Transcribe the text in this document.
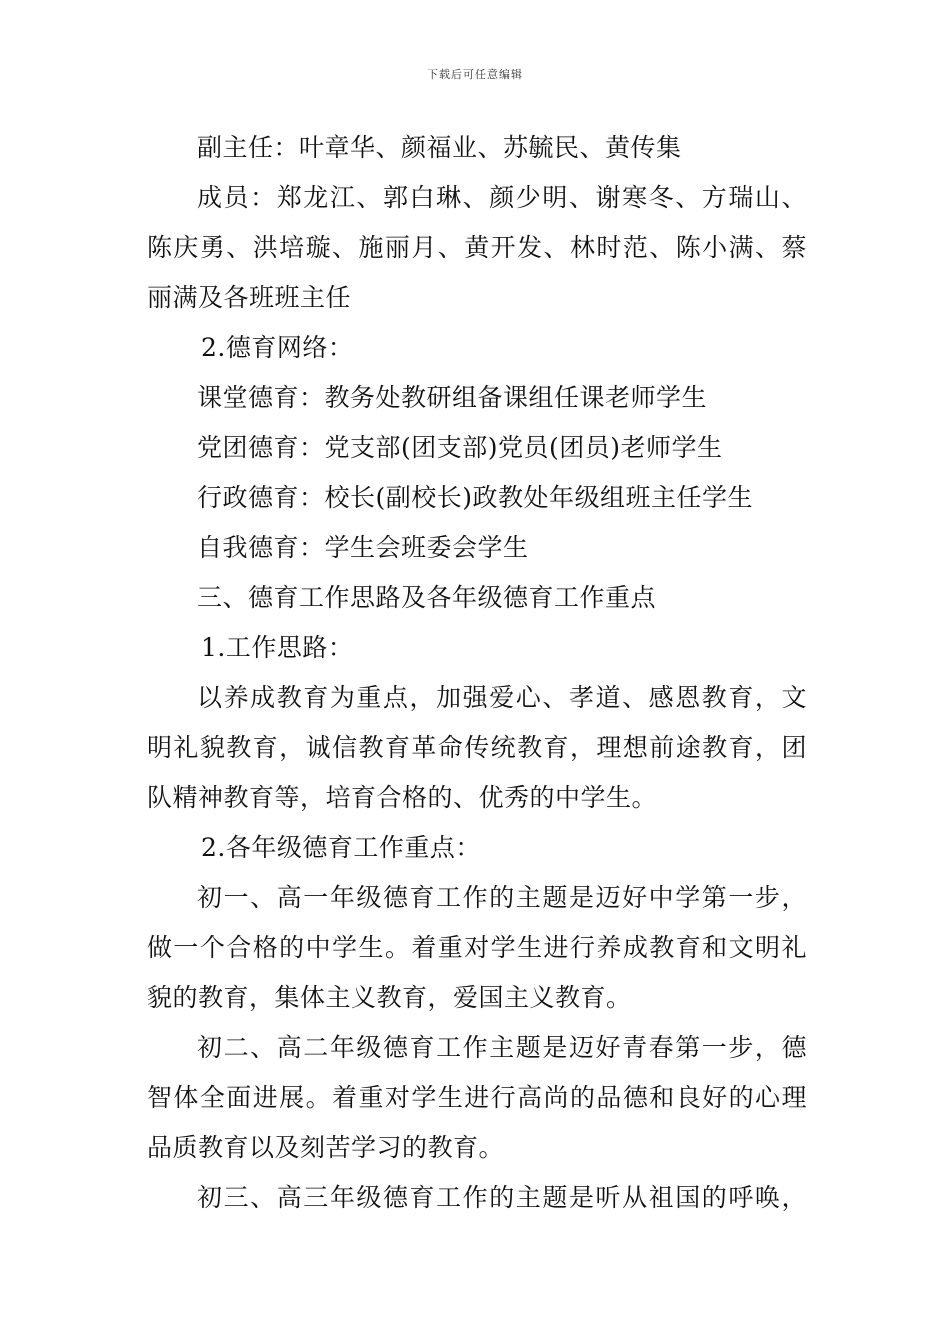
下载后可任意编辑
副主任：叶章华、颜福业、苏毓民、黄传集
成员：郑龙江、郭白琳、颜少明、谢寒冬、方瑞山、
陈庆勇、洪培璇、施丽月、黄开发、林时范、陈小满、蔡
丽满及各班班主任
2.德育网络：
课堂德育：教务处教研组备课组任课老师学生
党团德育：党支部(团支部)党员(团员)老师学生
行政德育：校长(副校长)政教处年级组班主任学生
自我德育：学生会班委会学生
三、德育工作思路及各年级德育工作重点
1.工作思路：
以养成教育为重点，加强爱心、孝道、感恩教育，文
明礼貌教育，诚信教育革命传统教育，理想前途教育，团
队精神教育等，培育合格的、优秀的中学生。
2.各年级德育工作重点：
初一、高一年级德育工作的主题是迈好中学第一步，
做一个合格的中学生。着重对学生进行养成教育和文明礼
貌的教育，集体主义教育，爱国主义教育。
初二、高二年级德育工作主题是迈好青春第一步，德
智体全面进展。着重对学生进行高尚的品德和良好的心理
品质教育以及刻苦学习的教育。
初三、高三年级德育工作的主题是听从祖国的呼唤，
